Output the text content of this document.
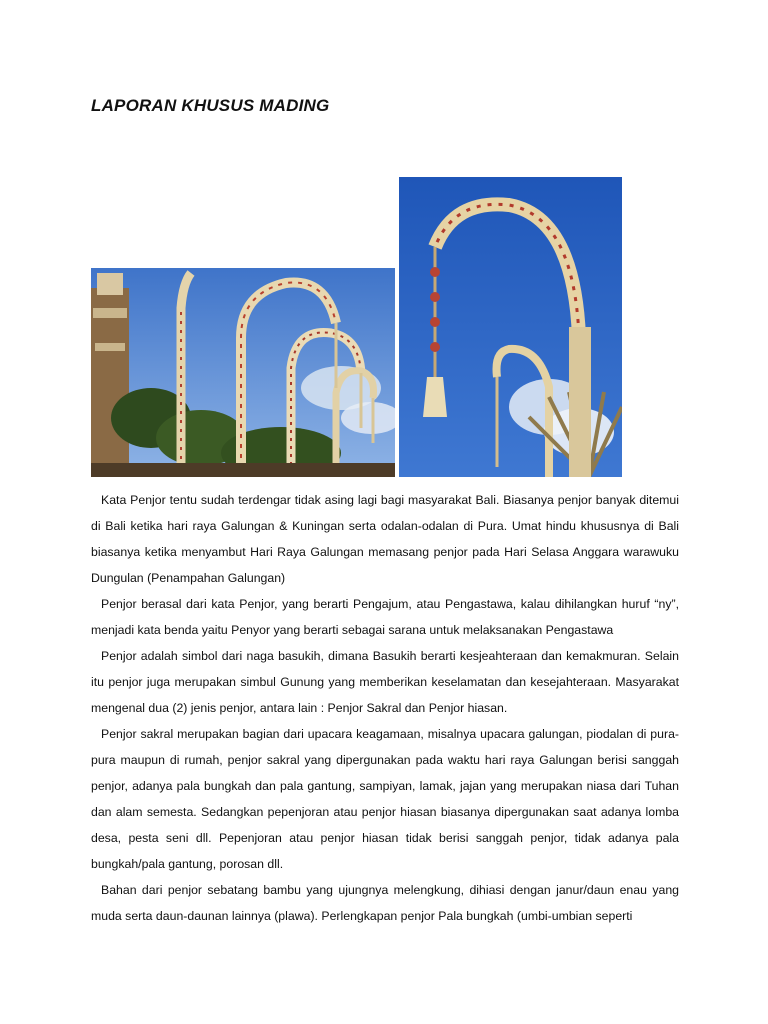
LAPORAN KHUSUS MADING

Kata Penjor tentu sudah terdengar tidak asing lagi bagi masyarakat Bali. Biasanya penjor banyak ditemui di Bali ketika hari raya Galungan & Kuningan serta odalan-odalan di Pura. Umat hindu khususnya di Bali biasanya ketika menyambut Hari Raya Galungan memasang penjor pada Hari Selasa Anggara warawuku Dungulan (Penampahan Galungan)

Penjor berasal dari kata Penjor, yang berarti Pengajum, atau Pengastawa, kalau dihilangkan huruf “ny”, menjadi kata benda yaitu Penyor yang berarti sebagai sarana untuk melaksanakan Pengastawa

Penjor adalah simbol dari naga basukih, dimana Basukih berarti kesjeahteraan dan kemakmuran. Selain itu penjor juga merupakan simbul Gunung yang memberikan keselamatan dan kesejahteraan. Masyarakat mengenal dua (2) jenis penjor, antara lain : Penjor Sakral dan Penjor hiasan.

Penjor sakral merupakan bagian dari upacara keagamaan, misalnya upacara galungan, piodalan di pura-pura maupun di rumah, penjor sakral yang dipergunakan pada waktu hari raya Galungan berisi sanggah penjor, adanya pala bungkah dan pala gantung, sampiyan, lamak, jajan yang merupakan niasa dari Tuhan dan alam semesta. Sedangkan pepenjoran atau penjor hiasan biasanya dipergunakan saat adanya lomba desa, pesta seni dll. Pepenjoran atau penjor hiasan tidak berisi sanggah penjor, tidak adanya pala bungkah/pala gantung, porosan dll.

Bahan dari penjor sebatang bambu yang ujungnya melengkung, dihiasi dengan janur/daun enau yang muda serta daun-daunan lainnya (plawa). Perlengkapan penjor Pala bungkah (umbi-umbian seperti
